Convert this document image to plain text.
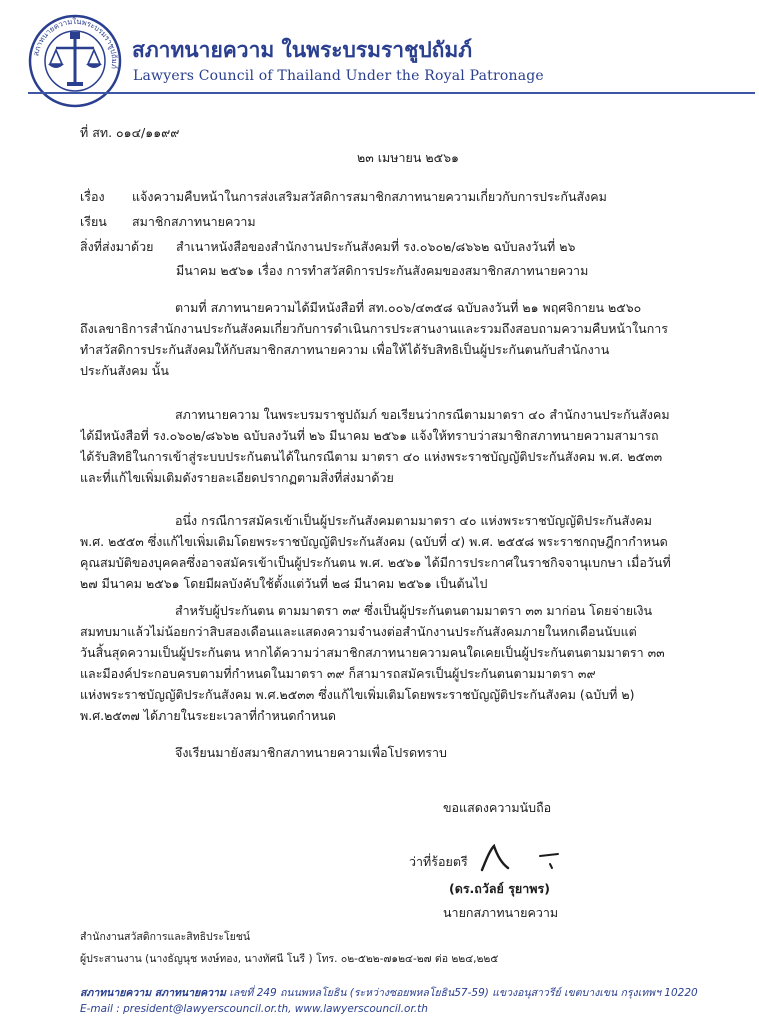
สภาทนายความในพระบรมราชูปถัมภ์
สภาทนายความ ในพระบรมราชูปถัมภ์
Lawyers Council of Thailand Under the Royal Patronage
ที่ สท. ๐๑๔/๑๑๙๙
๒๓ เมษายน ๒๕๖๑
เรื่อง แจ้งความคืบหน้าในการส่งเสริมสวัสดิการสมาชิกสภาทนายความเกี่ยวกับการประกันสังคม
เรียน สมาชิกสภาทนายความ
สิ่งที่ส่งมาด้วย สำเนาหนังสือของสำนักงานประกันสังคมที่ รง.๐๖๐๒/๘๖๖๒ ฉบับลงวันที่ ๒๖
มีนาคม ๒๕๖๑ เรื่อง การทำสวัสดิการประกันสังคมของสมาชิกสภาทนายความ
ตามที่ สภาทนายความได้มีหนังสือที่ สท.๐๐๖/๔๓๕๘ ฉบับลงวันที่ ๒๑ พฤศจิกายน ๒๕๖๐
ถึงเลขาธิการสำนักงานประกันสังคมเกี่ยวกับการดำเนินการประสานงานและรวมถึงสอบถามความคืบหน้าในการ
ทำสวัสดิการประกันสังคมให้กับสมาชิกสภาทนายความ เพื่อให้ได้รับสิทธิเป็นผู้ประกันตนกับสำนักงาน
ประกันสังคม นั้น
สภาทนายความ ในพระบรมราชูปถัมภ์ ขอเรียนว่ากรณีตามมาตรา ๔๐ สำนักงานประกันสังคม
ได้มีหนังสือที่ รง.๐๖๐๒/๘๖๖๒ ฉบับลงวันที่ ๒๖ มีนาคม ๒๕๖๑ แจ้งให้ทราบว่าสมาชิกสภาทนายความสามารถ
ได้รับสิทธิในการเข้าสู่ระบบประกันตนได้ในกรณีตาม มาตรา ๔๐ แห่งพระราชบัญญัติประกันสังคม พ.ศ. ๒๕๓๓
และที่แก้ไขเพิ่มเติมดังรายละเอียดปรากฏตามสิ่งที่ส่งมาด้วย
อนึ่ง กรณีการสมัครเข้าเป็นผู้ประกันสังคมตามมาตรา ๔๐ แห่งพระราชบัญญัติประกันสังคม
พ.ศ. ๒๕๕๓ ซึ่งแก้ไขเพิ่มเติมโดยพระราชบัญญัติประกันสังคม (ฉบับที่ ๔) พ.ศ. ๒๕๕๘ พระราชกฤษฎีกากำหนด
คุณสมบัติของบุคคลซึ่งอาจสมัครเข้าเป็นผู้ประกันตน พ.ศ. ๒๕๖๑ ได้มีการประกาศในราชกิจจานุเบกษา เมื่อวันที่
๒๗ มีนาคม ๒๕๖๑ โดยมีผลบังคับใช้ตั้งแต่วันที่ ๒๘ มีนาคม ๒๕๖๑ เป็นต้นไป
สำหรับผู้ประกันตน ตามมาตรา ๓๙ ซึ่งเป็นผู้ประกันตนตามมาตรา ๓๓ มาก่อน โดยจ่ายเงิน
สมทบมาแล้วไม่น้อยกว่าสิบสองเดือนและแสดงความจำนงต่อสำนักงานประกันสังคมภายในหกเดือนนับแต่
วันสิ้นสุดความเป็นผู้ประกันตน หากได้ความว่าสมาชิกสภาทนายความคนใดเคยเป็นผู้ประกันตนตามมาตรา ๓๓
และมีองค์ประกอบครบตามที่กำหนดในมาตรา ๓๙ ก็สามารถสมัครเป็นผู้ประกันตนตามมาตรา ๓๙
แห่งพระราชบัญญัติประกันสังคม พ.ศ.๒๕๓๓ ซึ่งแก้ไขเพิ่มเติมโดยพระราชบัญญัติประกันสังคม (ฉบับที่ ๒)
พ.ศ.๒๕๓๗ ได้ภายในระยะเวลาที่กำหนดกำหนด
จึงเรียนมายังสมาชิกสภาทนายความเพื่อโปรดทราบ
ขอแสดงความนับถือ
ว่าที่ร้อยตรี
(ดร.ถวัลย์ รุยาพร)
นายกสภาทนายความ
สำนักงานสวัสดิการและสิทธิประโยชน์
ผู้ประสานงาน (นางธัญนุช หงษ์ทอง, นางทัศนี โนรี ) โทร. ๐๒-๕๒๒-๗๑๒๔-๒๗ ต่อ ๒๒๔,๒๒๕
สภาทนายความ สภาทนายความ เลขที่ 249 ถนนพหลโยธิน (ระหว่างซอยพหลโยธิน57-59) แขวงอนุสาวรีย์ เขตบางเขน กรุงเทพฯ 10220
E-mail : president@lawyerscouncil.or.th, www.lawyerscouncil.or.th
